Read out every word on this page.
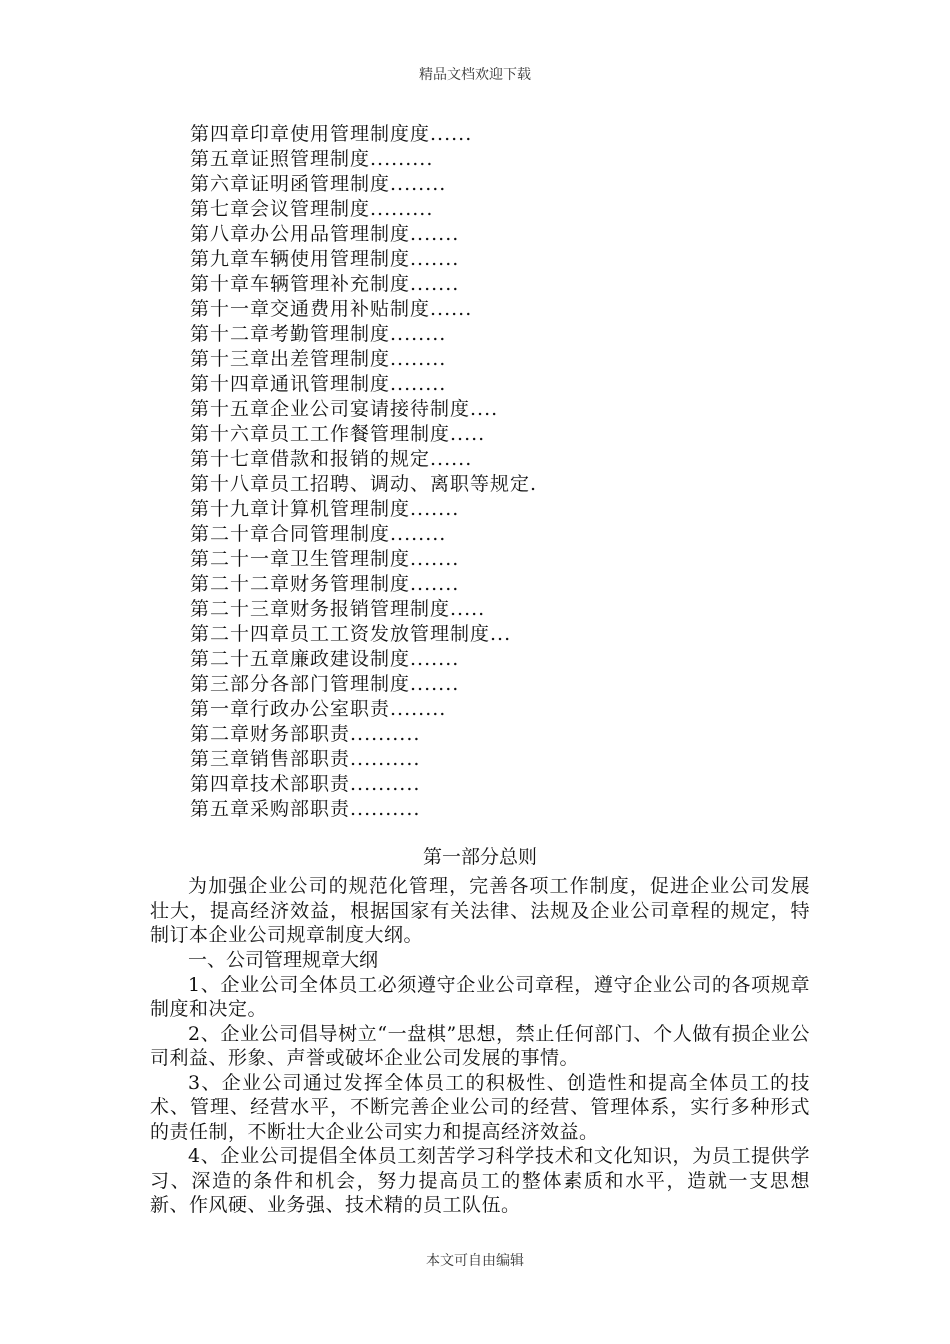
精品文档欢迎下载
第四章印章使用管理制度度......
第五章证照管理制度.........
第六章证明函管理制度........
第七章会议管理制度.........
第八章办公用品管理制度.......
第九章车辆使用管理制度.......
第十章车辆管理补充制度.......
第十一章交通费用补贴制度......
第十二章考勤管理制度........
第十三章出差管理制度........
第十四章通讯管理制度........
第十五章企业公司宴请接待制度....
第十六章员工工作餐管理制度.....
第十七章借款和报销的规定......
第十八章员工招聘、调动、离职等规定.
第十九章计算机管理制度.......
第二十章合同管理制度........
第二十一章卫生管理制度.......
第二十二章财务管理制度.......
第二十三章财务报销管理制度.....
第二十四章员工工资发放管理制度...
第二十五章廉政建设制度.......
第三部分各部门管理制度.......
第一章行政办公室职责........
第二章财务部职责..........
第三章销售部职责..........
第四章技术部职责..........
第五章采购部职责..........
第一部分总则

为加强企业公司的规范化管理，完善各项工作制度，促进企业公司发展壮大，提高经济效益，根据国家有关法律、法规及企业公司章程的规定，特制订本企业公司规章制度大纲。

一、公司管理规章大纲

1、企业公司全体员工必须遵守企业公司章程，遵守企业公司的各项规章制度和决定。

2、企业公司倡导树立“一盘棋”思想，禁止任何部门、个人做有损企业公司利益、形象、声誉或破坏企业公司发展的事情。

3、企业公司通过发挥全体员工的积极性、创造性和提高全体员工的技术、管理、经营水平，不断完善企业公司的经营、管理体系，实行多种形式的责任制，不断壮大企业公司实力和提高经济效益。

4、企业公司提倡全体员工刻苦学习科学技术和文化知识，为员工提供学习、深造的条件和机会，努力提高员工的整体素质和水平，造就一支思想新、作风硬、业务强、技术精的员工队伍。

本文可自由编辑
